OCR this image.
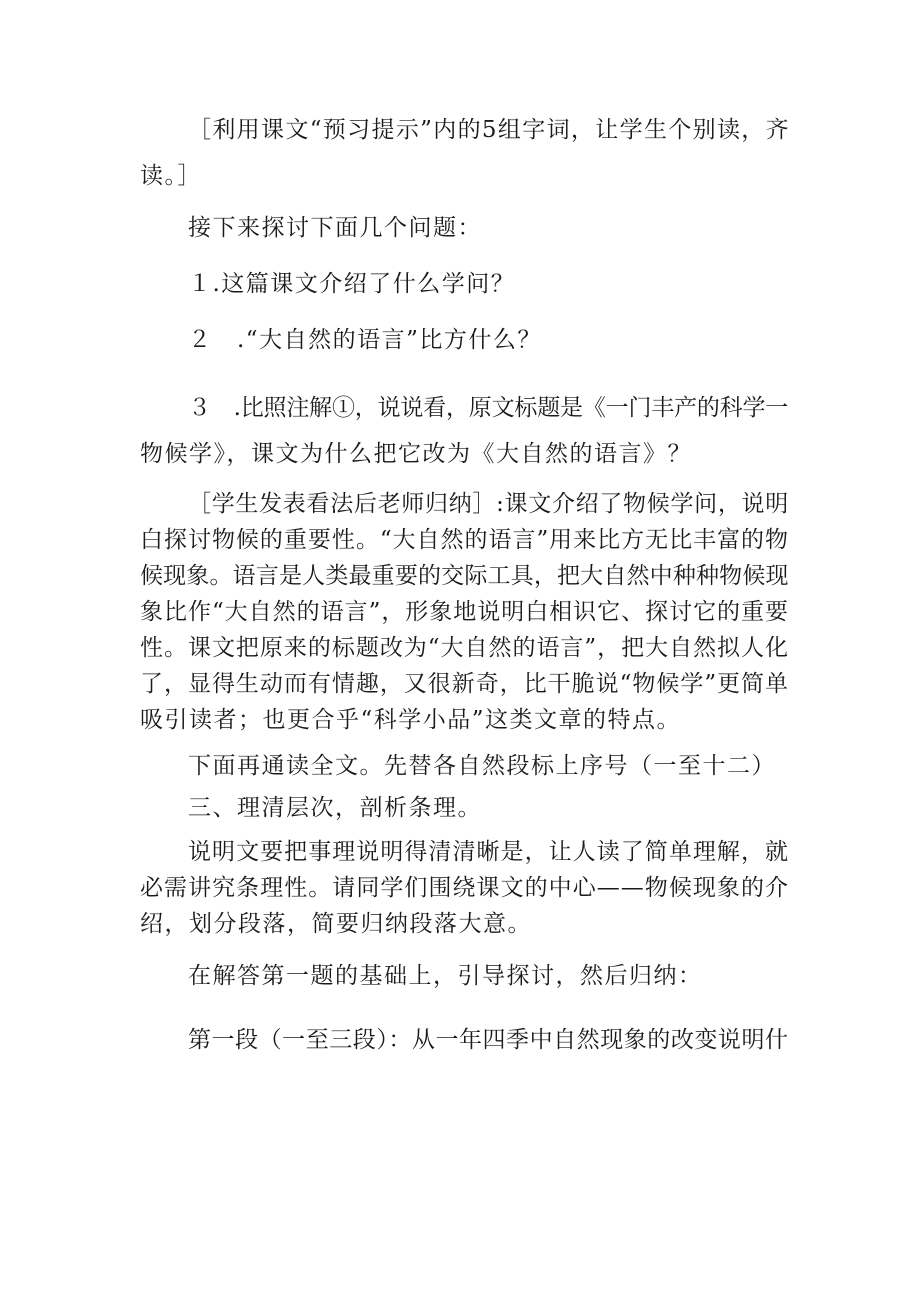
［利用课文“预习提示”内的5组字词，让学生个别读，齐
读。］
接下来探讨下面几个问题：
１.这篇课文介绍了什么学问？
２　.“大自然的语言”比方什么？
３　.比照注解①，说说看，原文标题是《一门丰产的科学一
物候学》，课文为什么把它改为《大自然的语言》？
［学生发表看法后老师归纳］:课文介绍了物候学问，说明
白探讨物候的重要性。“大自然的语言”用来比方无比丰富的物
候现象。语言是人类最重要的交际工具，把大自然中种种物候现
象比作“大自然的语言”，形象地说明白相识它、探讨它的重要
性。课文把原来的标题改为“大自然的语言”，把大自然拟人化
了，显得生动而有情趣，又很新奇，比干脆说“物候学”更简单
吸引读者；也更合乎“科学小品”这类文章的特点。
下面再通读全文。先替各自然段标上序号（一至十二）
三、理清层次，剖析条理。
说明文要把事理说明得清清晰是，让人读了简单理解，就
必需讲究条理性。请同学们围绕课文的中心——物候现象的介
绍，划分段落，简要归纳段落大意。
在解答第一题的基础上，引导探讨，然后归纳：
第一段（一至三段）：从一年四季中自然现象的改变说明什
